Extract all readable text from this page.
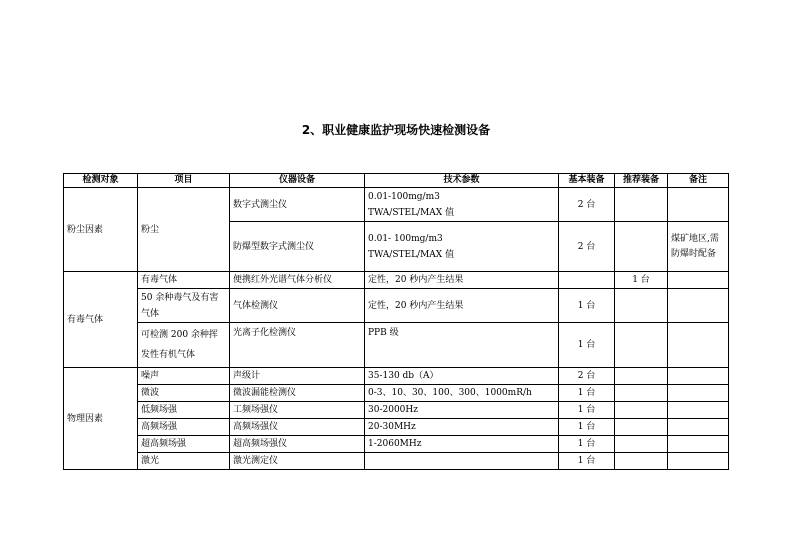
2、职业健康监护现场快速检测设备
检测对象	项目	仪器设备	技术参数	基本装备	推荐装备	备注
粉尘因素	粉尘	数字式测尘仪	0.01-100mg/m3
TWA/STEL/MAX 值	2 台		
		防爆型数字式测尘仪	0.01- 100mg/m3
TWA/STEL/MAX 值	2 台		煤矿地区,需防爆时配备
有毒气体	有毒气体	便携红外光谱气体分析仪	定性，20 秒内产生结果		1 台	

	50 余种毒气及有害
气体	气体检测仪	定性，20 秒内产生结果	1 台		

	可检测 200 余种挥
发性有机气体	光离子化检测仪	PPB 级	1 台		
物理因素	噪声	声级计	35-130 db（A）	2 台		
	微波	微波漏能检测仪	0-3、10、30、100、300、1000mR/h	1 台		
	低频场强	工频场强仪	30-2000Hz	1 台		
	高频场强	高频场强仪	20-30MHz	1 台		
	超高频场强	超高频场强仪	1-2060MHz	1 台		
	激光	激光测定仪		1 台		
